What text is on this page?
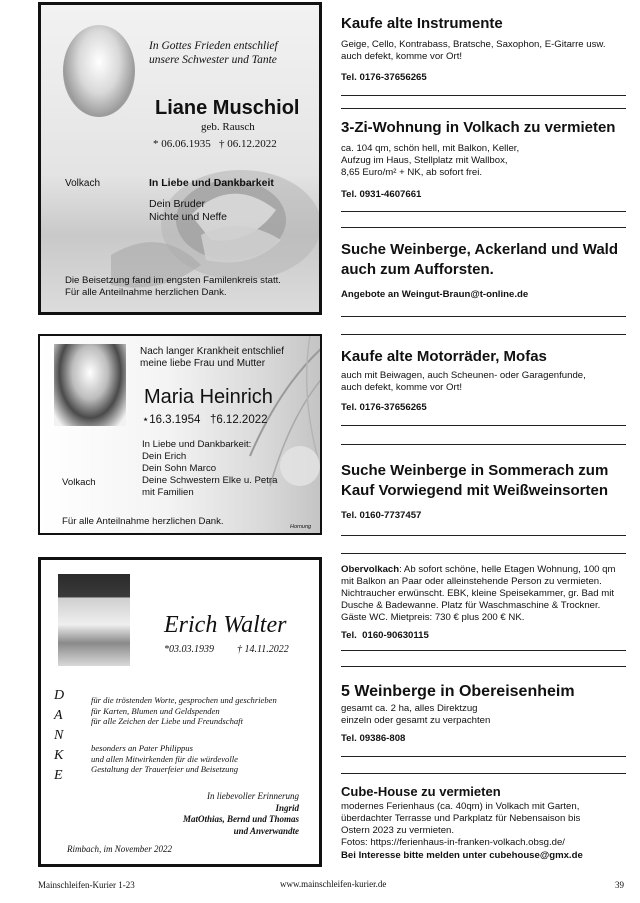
In Gottes Frieden entschlief
unsere Schwester und Tante
Liane Muschiol
geb. Rausch
* 06.06.1935   † 06.12.2022
Volkach	In Liebe und Dankbarkeit
Dein Bruder
Nichte und Neffe
Die Beisetzung fand im engsten Familenkreis statt.
Für alle Anteilnahme herzlichen Dank.
Nach langer Krankheit entschlief
meine liebe Frau und Mutter
Maria Heinrich
⋆16.3.1954   †6.12.2022
In Liebe und Dankbarkeit:
Dein Erich
Dein Sohn Marco
Deine Schwestern Elke u. Petra
mit Familien
Volkach
Für alle Anteilnahme herzlichen Dank.	Hornung
Erich Walter
*03.03.1939 † 14.11.2022
D
A
N
K
E
für die tröstenden Worte, gesprochen und geschrieben
für Karten, Blumen und Geldspenden
für alle Zeichen der Liebe und Freundschaft
besonders an Pater Philippus
und allen Mitwirkenden für die würdevolle
Gestaltung der Trauerfeier und Beisetzung
In liebevoller Erinnerung
Ingrid
MatOthias, Bernd und Thomas
und Anverwandte
Rimbach, im November 2022
Kaufe alte Instrumente
Geige, Cello, Kontrabass, Bratsche, Saxophon, E-Gitarre usw.
auch defekt, komme vor Ort!
Tel. 0176-37656265
3-Zi-Wohnung in Volkach zu vermieten
ca. 104 qm, schön hell, mit Balkon, Keller,
Aufzug im Haus, Stellplatz mit Wallbox,
8,65 Euro/m² + NK, ab sofort frei.
Tel. 0931-4607661
Suche Weinberge, Ackerland und Wald auch zum Aufforsten.
Angebote an Weingut-Braun@t-online.de
Kaufe alte Motorräder, Mofas
auch mit Beiwagen, auch Scheunen- oder Garagenfunde,
auch defekt, komme vor Ort!
Tel. 0176-37656265
Suche Weinberge in Sommerach zum Kauf Vorwiegend mit Weißweinsorten
Tel. 0160-7737457
Obervolkach: Ab sofort schöne, helle Etagen Wohnung, 100 qm
mit Balkon an Paar oder alleinstehende Person zu vermieten.
Nichtraucher erwünscht. EBK, kleine Speisekammer, gr. Bad mit
Dusche & Badewanne. Platz für Waschmaschine & Trockner.
Gäste WC. Mietpreis: 730 € plus 200 € NK.
Tel.  0160-90630115
5 Weinberge in Obereisenheim
gesamt ca. 2 ha, alles Direktzug
einzeln oder gesamt zu verpachten
Tel. 09386-808
Cube-House zu vermieten
modernes Ferienhaus (ca. 40qm) in Volkach mit Garten,
überdachter Terrasse und Parkplatz für Nebensaison bis
Ostern 2023 zu vermieten.
Fotos: https://ferienhaus-in-franken-volkach.obsg.de/
Bei Interesse bitte melden unter cubehouse@gmx.de
Mainschleifen-Kurier 1-23	www.mainschleifen-kurier.de	39
